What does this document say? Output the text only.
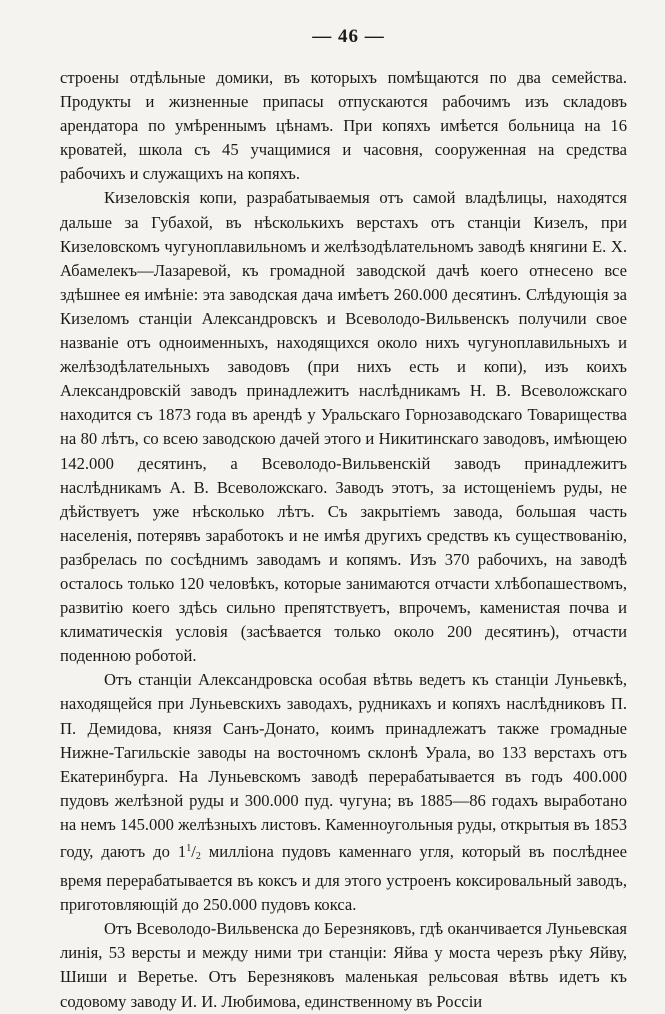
— 46 —

строены отдѣльные домики, въ которыхъ помѣщаются по два семейства. Продукты и жизненные припасы отпускаются рабочимъ изъ складовъ арендатора по умѣреннымъ цѣнамъ. При копяхъ имѣется больница на 16 кроватей, школа съ 45 учащимися и часовня, сооруженная на средства рабочихъ и служащихъ на копяхъ.

Кизеловскія копи, разрабатываемыя отъ самой владѣлицы, находятся дальше за Губахой, въ нѣсколькихъ верстахъ отъ станціи Кизелъ, при Кизеловскомъ чугуноплавильномъ и желѣзодѣлательномъ заводѣ княгини Е. Х. Абамелекъ—Лазаревой, къ громадной заводской дачѣ коего отнесено все здѣшнее ея имѣніе: эта заводская дача имѣетъ 260.000 десятинъ. Слѣдующія за Кизеломъ станціи Александровскъ и Всеволодо-Вильвенскъ получили свое названіе отъ одноименныхъ, находящихся около нихъ чугуноплавильныхъ и желѣзодѣлательныхъ заводовъ (при нихъ есть и копи), изъ коихъ Александровскій заводъ принадлежитъ наслѣдникамъ Н. В. Всеволожскаго находится съ 1873 года въ арендѣ у Уральскаго Горнозаводскаго Товарищества на 80 лѣтъ, со всею заводскою дачей этого и Никитинскаго заводовъ, имѣющею 142.000 десятинъ, а Всеволодо-Вильвенскій заводъ принадлежитъ наслѣдникамъ А. В. Всеволожскаго. Заводъ этотъ, за истощеніемъ руды, не дѣйствуетъ уже нѣсколько лѣтъ. Съ закрытіемъ завода, большая часть населенія, потерявъ заработокъ и не имѣя другихъ средствъ къ существованію, разбрелась по сосѣднимъ заводамъ и копямъ. Изъ 370 рабочихъ, на заводѣ осталось только 120 человѣкъ, которые занимаются отчасти хлѣбопашествомъ, развитію коего здѣсь сильно препятствуетъ, впрочемъ, каменистая почва и климатическія условія (засѣвается только около 200 десятинъ), отчасти поденною роботой.

Отъ станціи Александровска особая вѣтвь ведетъ къ станціи Луньевкѣ, находящейся при Луньевскихъ заводахъ, рудникахъ и копяхъ наслѣдниковъ П. П. Демидова, князя Санъ-Донато, коимъ принадлежатъ также громадные Нижне-Тагильскіе заводы на восточномъ склонѣ Урала, во 133 верстахъ отъ Екатеринбурга. На Луньевскомъ заводѣ перерабатывается въ годъ 400.000 пудовъ желѣзной руды и 300.000 пуд. чугуна; въ 1885—86 годахъ выработано на немъ 145.000 желѣзныхъ листовъ. Каменноугольныя руды, открытыя въ 1853 году, даютъ до $1^1/2$ милліона пудовъ каменнаго угля, который въ послѣднее время перерабатывается въ коксъ и для этого устроенъ коксировальный заводъ, приготовляющій до 250.000 пудовъ кокса.

Отъ Всеволодо-Вильвенска до Березняковъ, гдѣ оканчивается Луньевская линія, 53 версты и между ними три станціи: Яйва у моста черезъ рѣку Яйву, Шиши и Веретье. Отъ Березняковъ маленькая рельсовая вѣтвь идетъ къ содовому заводу И. И. Любимова, единственному въ Россіи
